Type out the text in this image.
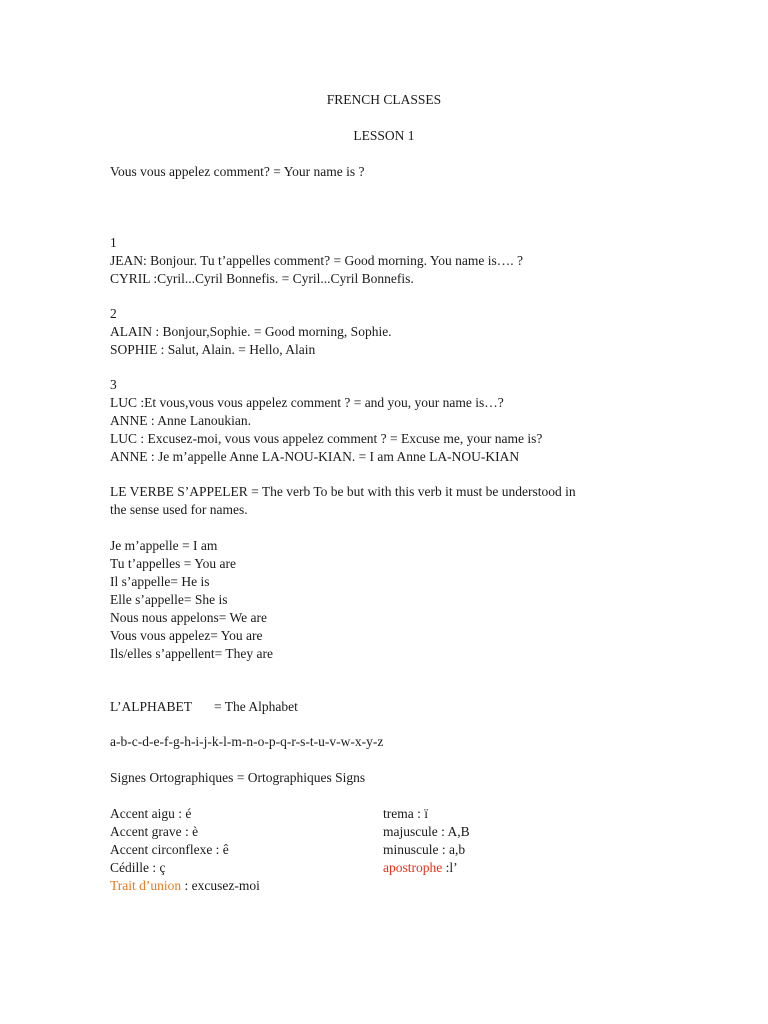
FRENCH CLASSES
LESSON 1
Vous vous appelez comment? = Your name is ?
1
JEAN: Bonjour. Tu t’appelles comment? = Good morning. You name is…. ?
CYRIL :Cyril...Cyril Bonnefis. = Cyril...Cyril Bonnefis.
2
ALAIN : Bonjour,Sophie. = Good morning, Sophie.
SOPHIE : Salut, Alain. = Hello, Alain
3
LUC :Et vous,vous vous appelez comment ? = and you, your name is…?
ANNE : Anne Lanoukian.
LUC : Excusez-moi, vous vous appelez comment ? = Excuse me, your name is?
ANNE : Je m’appelle Anne LA-NOU-KIAN. = I am Anne LA-NOU-KIAN
LE VERBE S’APPELER = The verb To be but with this verb it must be understood in
the sense used for names.
Je m’appelle = I am
Tu t’appelles = You are
Il s’appelle= He is
Elle s’appelle= She is
Nous nous appelons= We are
Vous vous appelez= You are
Ils/elles s’appellent= They are
L’ALPHABET = The Alphabet
a-b-c-d-e-f-g-h-i-j-k-l-m-n-o-p-q-r-s-t-u-v-w-x-y-z
Signes Ortographiques = Ortographiques Signs
Accent aigu : é
Accent grave : è
Accent circonflexe : ê
Cédille : ç
Trait d’union : excusez-moi
trema : ï
majuscule : A,B
minuscule : a,b
apostrophe :l’
